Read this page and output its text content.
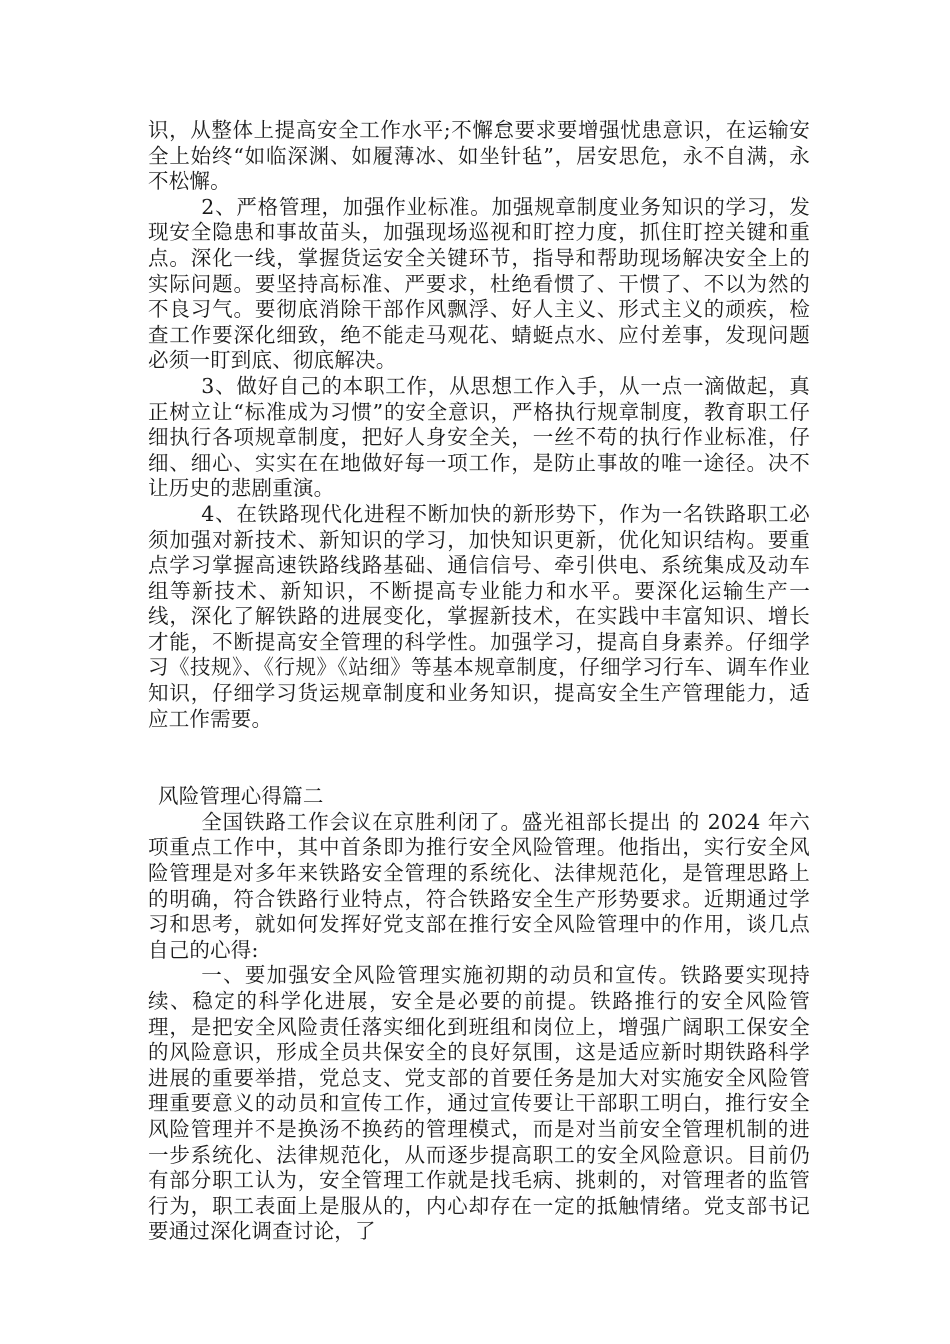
识，从整体上提高安全工作水平;不懈怠要求要增强忧患意识，在运输安全上始终“如临深渊、如履薄冰、如坐针毡”，居安思危，永不自满，永不松懈。

2、严格管理，加强作业标准。加强规章制度业务知识的学习，发现安全隐患和事故苗头，加强现场巡视和盯控力度，抓住盯控关键和重点。深化一线，掌握货运安全关键环节，指导和帮助现场解决安全上的实际问题。要坚持高标准、严要求，杜绝看惯了、干惯了、不以为然的不良习气。要彻底消除干部作风飘浮、好人主义、形式主义的顽疾，检查工作要深化细致，绝不能走马观花、蜻蜓点水、应付差事，发现问题必须一盯到底、彻底解决。

3、做好自己的本职工作，从思想工作入手，从一点一滴做起，真正树立让“标准成为习惯”的安全意识，严格执行规章制度，教育职工仔细执行各项规章制度，把好人身安全关，一丝不苟的执行作业标准，仔细、细心、实实在在地做好每一项工作，是防止事故的唯一途径。决不让历史的悲剧重演。

4、在铁路现代化进程不断加快的新形势下，作为一名铁路职工必须加强对新技术、新知识的学习，加快知识更新，优化知识结构。要重点学习掌握高速铁路线路基础、通信信号、牵引供电、系统集成及动车组等新技术、新知识，不断提高专业能力和水平。要深化运输生产一线，深化了解铁路的进展变化，掌握新技术，在实践中丰富知识、增长才能，不断提高安全管理的科学性。加强学习，提高自身素养。仔细学习《技规》、《行规》《站细》等基本规章制度，仔细学习行车、调车作业知识，仔细学习货运规章制度和业务知识，提高安全生产管理能力，适应工作需要。

风险管理心得篇二

全国铁路工作会议在京胜利闭了。盛光祖部长提出 的 2024 年六项重点工作中，其中首条即为推行安全风险管理。他指出，实行安全风险管理是对多年来铁路安全管理的系统化、法律规范化，是管理思路上的明确，符合铁路行业特点，符合铁路安全生产形势要求。近期通过学习和思考，就如何发挥好党支部在推行安全风险管理中的作用，谈几点自己的心得:

一、要加强安全风险管理实施初期的动员和宣传。铁路要实现持续、稳定的科学化进展，安全是必要的前提。铁路推行的安全风险管理，是把安全风险责任落实细化到班组和岗位上，增强广阔职工保安全的风险意识，形成全员共保安全的良好氛围，这是适应新时期铁路科学进展的重要举措，党总支、党支部的首要任务是加大对实施安全风险管理重要意义的动员和宣传工作，通过宣传要让干部职工明白，推行安全风险管理并不是换汤不换药的管理模式，而是对当前安全管理机制的进一步系统化、法律规范化，从而逐步提高职工的安全风险意识。目前仍有部分职工认为，安全管理工作就是找毛病、挑刺的，对管理者的监管行为，职工表面上是服从的，内心却存在一定的抵触情绪。党支部书记要通过深化调查讨论，了
